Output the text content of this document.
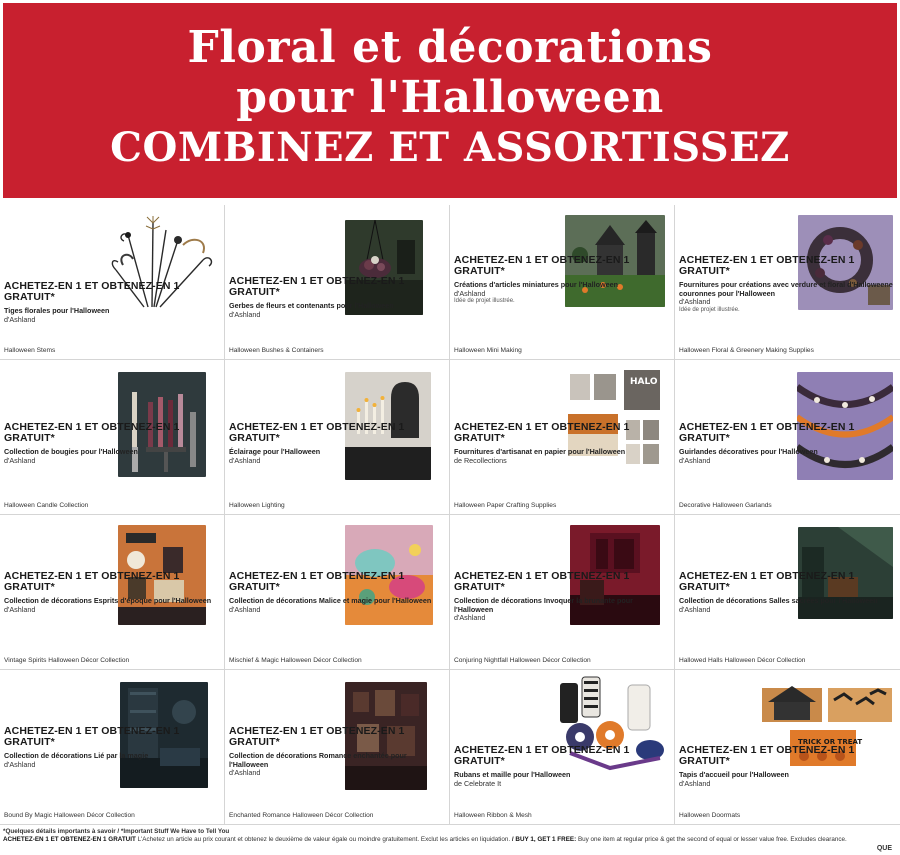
Floral et décorations
pour l'Halloween
COMBINEZ ET ASSORTISSEZ
ACHETEZ-EN 1 ET OBTENEZ-EN 1 GRATUIT*
Tiges florales pour l'Halloween
d'Ashland
Halloween Stems
ACHETEZ-EN 1 ET OBTENEZ-EN 1 GRATUIT*
Gerbes de fleurs et contenants pour l'Halloween
d'Ashland
Halloween Bushes & Containers
ACHETEZ-EN 1 ET OBTENEZ-EN 1 GRATUIT*
Créations d'articles miniatures pour l'Halloween
d'Ashland
Idée de projet illustrée.
Halloween Mini Making
ACHETEZ-EN 1 ET OBTENEZ-EN 1 GRATUIT*
Fournitures pour créations avec verdure et floral d'Halloweene couronnes pour l'Halloween
d'Ashland
Idée de projet illustrée.
Halloween Floral & Greenery Making Supplies
ACHETEZ-EN 1 ET OBTENEZ-EN 1 GRATUIT*
Collection de bougies pour l'Halloween
d'Ashland
Halloween Candle Collection
ACHETEZ-EN 1 ET OBTENEZ-EN 1 GRATUIT*
Éclairage pour l'Halloween
d'Ashland
Halloween Lighting
HALO
ACHETEZ-EN 1 ET OBTENEZ-EN 1 GRATUIT*
Fournitures d'artisanat en papier pour l'Halloween
de Recollections
Halloween Paper Crafting Supplies
ACHETEZ-EN 1 ET OBTENEZ-EN 1 GRATUIT*
Guirlandes décoratives pour l'Halloween
d'Ashland
Decorative Halloween Garlands
ACHETEZ-EN 1 ET OBTENEZ-EN 1 GRATUIT*
Collection de décorations Esprits d'époque pour l'Halloween
d'Ashland
Vintage Spirits Halloween Décor Collection
ACHETEZ-EN 1 ET OBTENEZ-EN 1 GRATUIT*
Collection de décorations Malice et magie pour l'Halloween
d'Ashland
Mischief & Magic Halloween Décor Collection
ACHETEZ-EN 1 ET OBTENEZ-EN 1 GRATUIT*
Collection de décorations Invoquer la brunante pour l'Halloween
d'Ashland
Conjuring Nightfall Halloween Décor Collection
ACHETEZ-EN 1 ET OBTENEZ-EN 1 GRATUIT*
Collection de décorations Salles sacrées pour l'Halloween
d'Ashland
Hallowed Halls Halloween Décor Collection
ACHETEZ-EN 1 ET OBTENEZ-EN 1 GRATUIT*
Collection de décorations Lié par la magie
d'Ashland
Bound By Magic Halloween Décor Collection
ACHETEZ-EN 1 ET OBTENEZ-EN 1 GRATUIT*
Collection de décorations Romance enchantée pour l'Halloween
d'Ashland
Enchanted Romance Halloween Décor Collection
ACHETEZ-EN 1 ET OBTENEZ-EN 1 GRATUIT*
Rubans et maille pour l'Halloween
de Celebrate It
Halloween Ribbon & Mesh
TRICK OR TREAT
ACHETEZ-EN 1 ET OBTENEZ-EN 1 GRATUIT*
Tapis d'accueil pour l'Halloween
d'Ashland
Halloween Doormats
*Quelques détails importants à savoir / *Important Stuff We Have to Tell You
ACHETEZ-EN 1 ET OBTENEZ-EN 1 GRATUIT L'Achetez un article au prix courant et obtenez le deuxième de valeur égale ou moindre gratuitement. Exclut les articles en liquidation. / BUY 1, GET 1 FREE: Buy one item at regular price & get the second of equal or lesser value free. Excludes clearance.
QUE
